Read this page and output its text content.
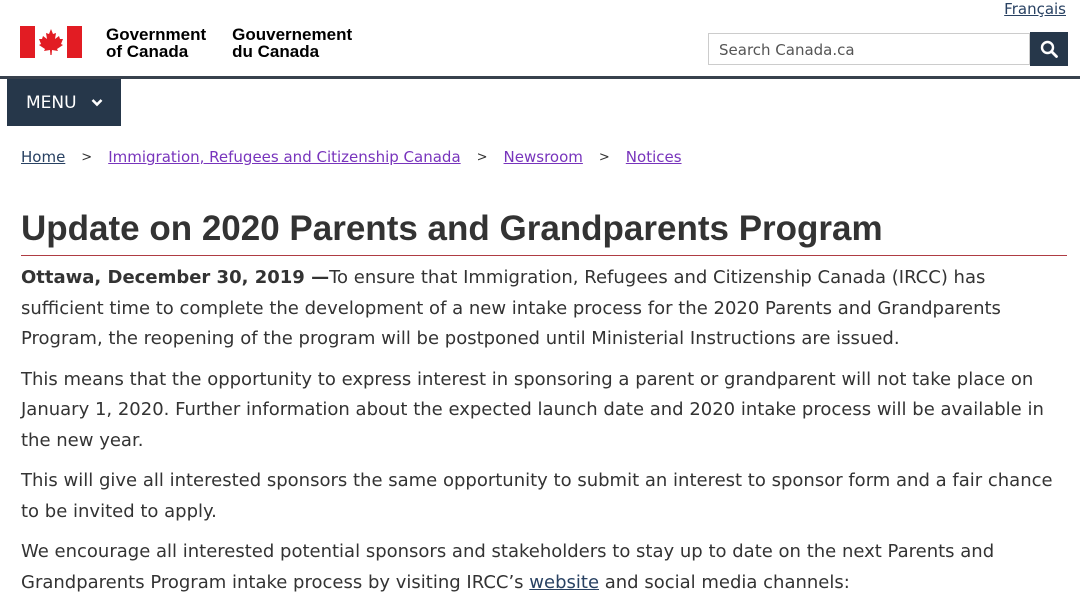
Français
Government
of Canada
Gouvernement
du Canada	Search Canada.ca
MENU
Home > Immigration, Refugees and Citizenship Canada > Newsroom > Notices
Update on 2020 Parents and Grandparents Program

Ottawa, December 30, 2019 —To ensure that Immigration, Refugees and Citizenship Canada (IRCC) has sufficient time to complete the development of a new intake process for the 2020 Parents and Grandparents Program, the reopening of the program will be postponed until Ministerial Instructions are issued.

This means that the opportunity to express interest in sponsoring a parent or grandparent will not take place on January 1, 2020. Further information about the expected launch date and 2020 intake process will be available in the new year.

This will give all interested sponsors the same opportunity to submit an interest to sponsor form and a fair chance to be invited to apply.

We encourage all interested potential sponsors and stakeholders to stay up to date on the next Parents and Grandparents Program intake process by visiting IRCC’s website and social media channels:
